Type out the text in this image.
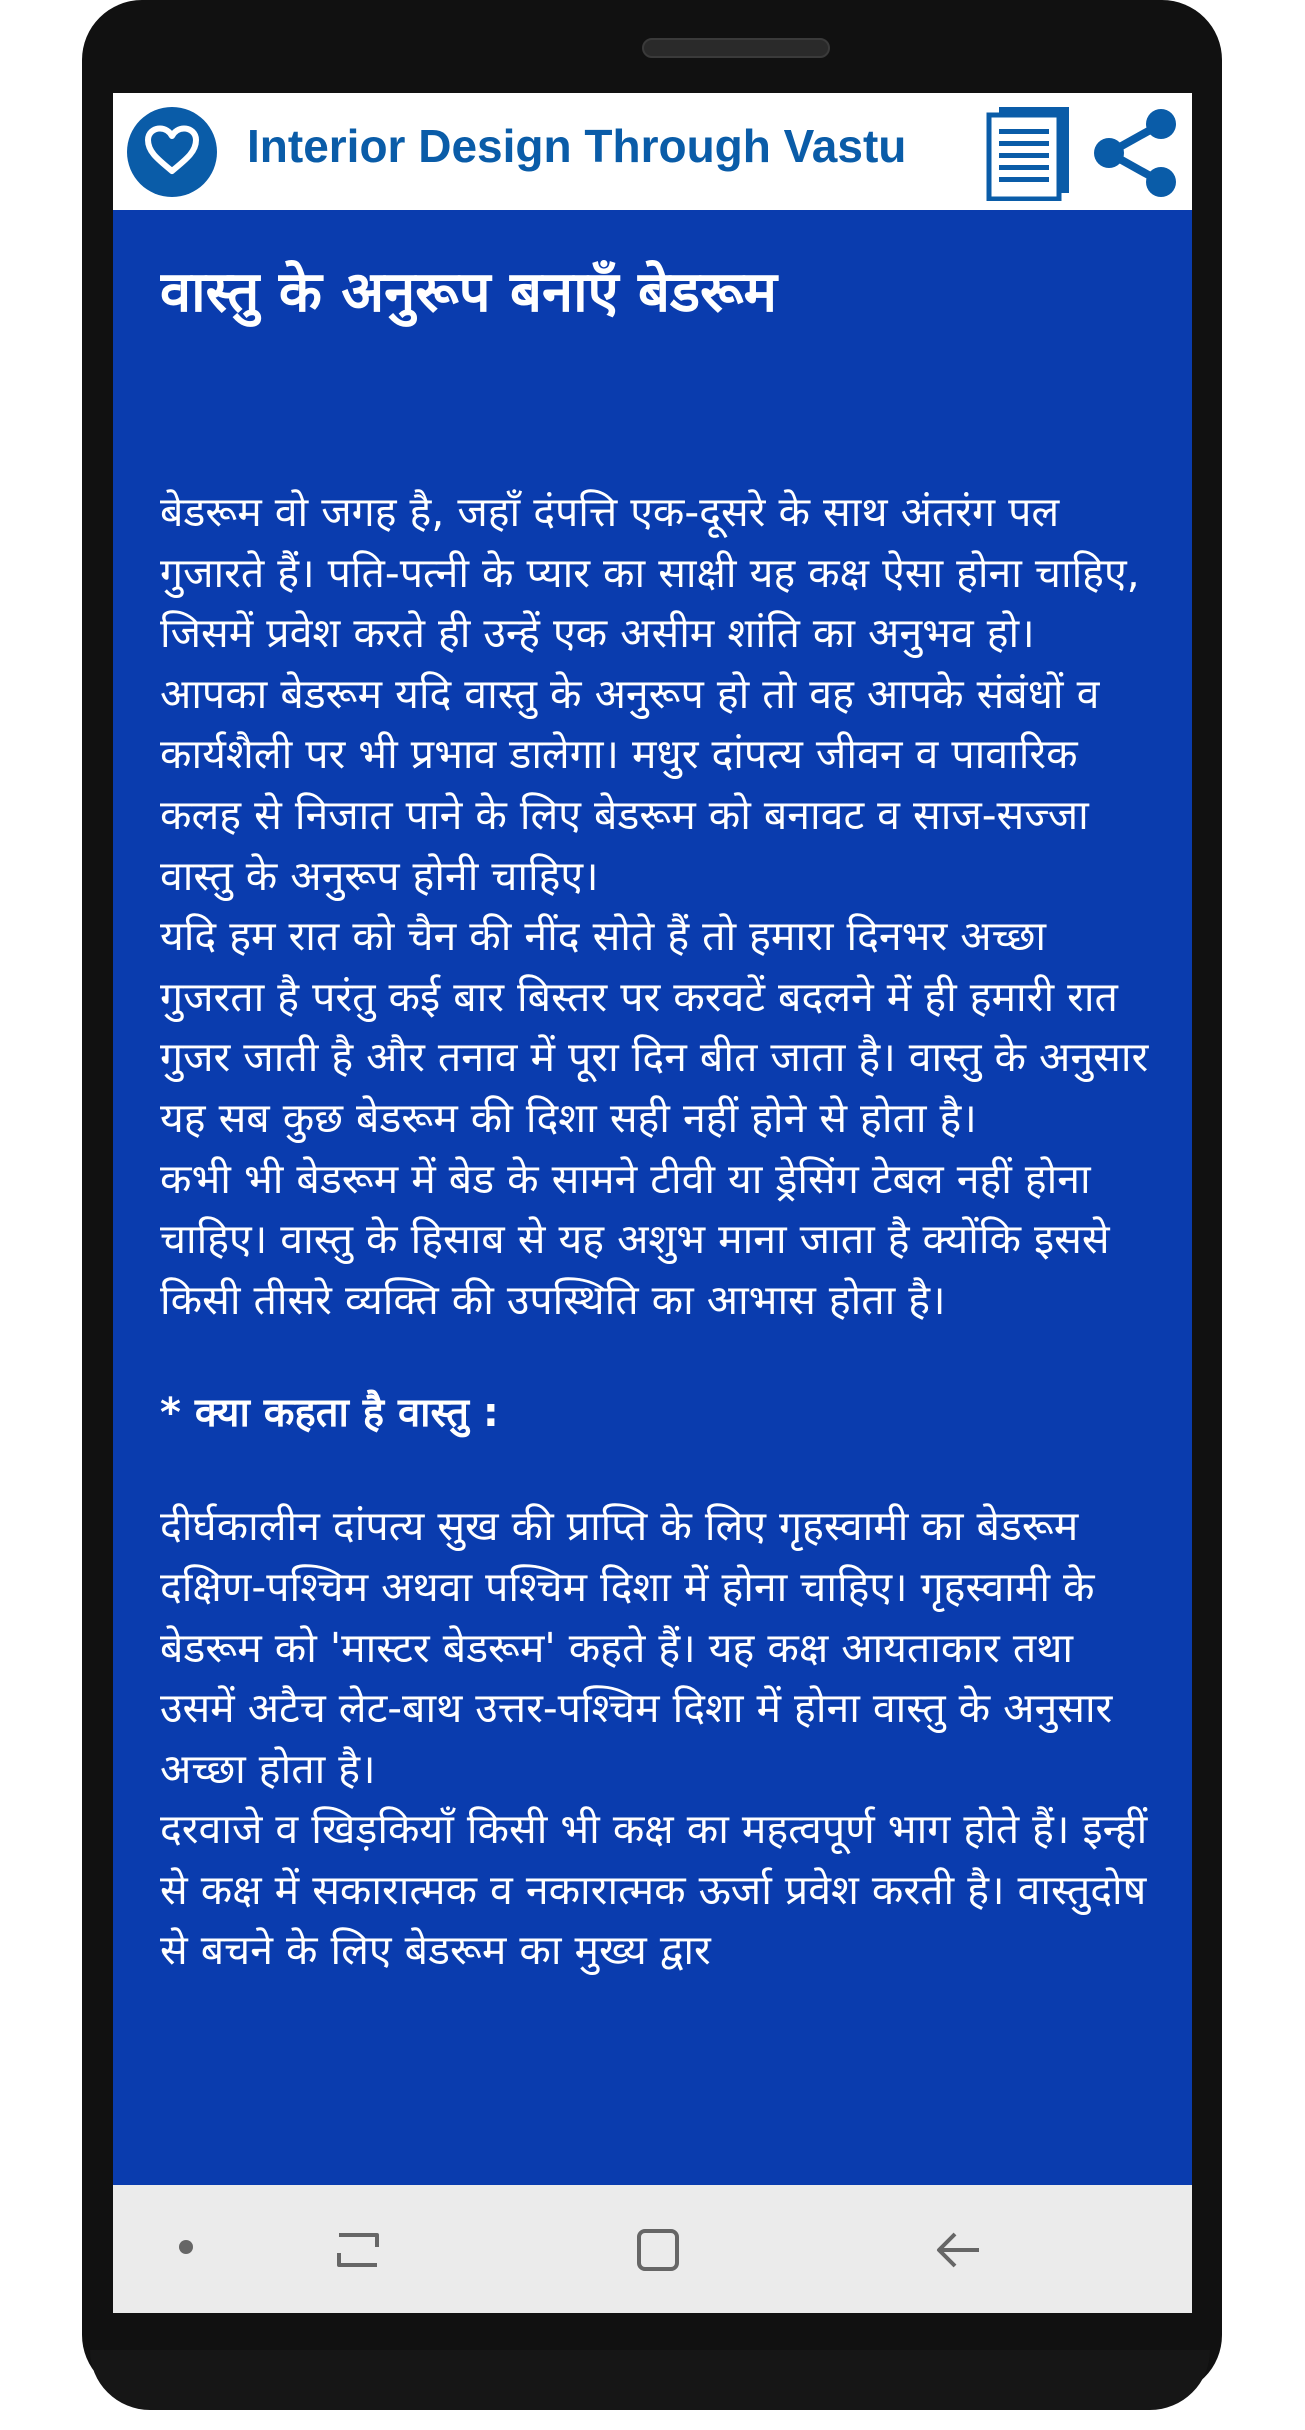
Interior Design Through Vastu
वास्तु के अनुरूप बनाएँ बेडरूम

बेडरूम वो जगह है, जहाँ दंपत्ति एक-दूसरे के साथ अंतरंग पल गुजारते हैं। पति-पत्नी के प्यार का साक्षी यह कक्ष ऐसा होना चाहिए, जिसमें प्रवेश करते ही उन्हें एक असीम शांति का अनुभव हो।

आपका बेडरूम यदि वास्तु के अनुरूप हो तो वह आपके संबंधों व कार्यशैली पर भी प्रभाव डालेगा। मधुर दांपत्य जीवन व पावारिक कलह से निजात पाने के लिए बेडरूम को बनावट व साज-सज्जा वास्तु के अनुरूप होनी चाहिए।

यदि हम रात को चैन की नींद सोते हैं तो हमारा दिनभर अच्छा गुजरता है परंतु कई बार बिस्तर पर करवटें बदलने में ही हमारी रात गुजर जाती है और तनाव में पूरा दिन बीत जाता है। वास्तु के अनुसार यह सब कुछ बेडरूम की दिशा सही नहीं होने से होता है।

कभी भी बेडरूम में बेड के सामने टीवी या ड्रेसिंग टेबल नहीं होना चाहिए। वास्तु के हिसाब से यह अशुभ माना जाता है क्योंकि इससे किसी तीसरे व्यक्ति की उपस्थिति का आभास होता है।

* क्या कहता है वास्तु :

दीर्घकालीन दांपत्य सुख की प्राप्ति के लिए गृहस्वामी का बेडरूम दक्षिण-पश्चिम अथवा पश्चिम दिशा में होना चाहिए। गृहस्वामी के बेडरूम को 'मास्टर बेडरूम' कहते हैं। यह कक्ष आयताकार तथा उसमें अटैच लेट-बाथ उत्तर-पश्चिम दिशा में होना वास्तु के अनुसार अच्छा होता है।

दरवाजे व खिड़कियाँ किसी भी कक्ष का महत्वपूर्ण भाग होते हैं। इन्हीं से कक्ष में सकारात्मक व नकारात्मक ऊर्जा प्रवेश करती है। वास्तुदोष से बचने के लिए बेडरूम का मुख्य द्वार
